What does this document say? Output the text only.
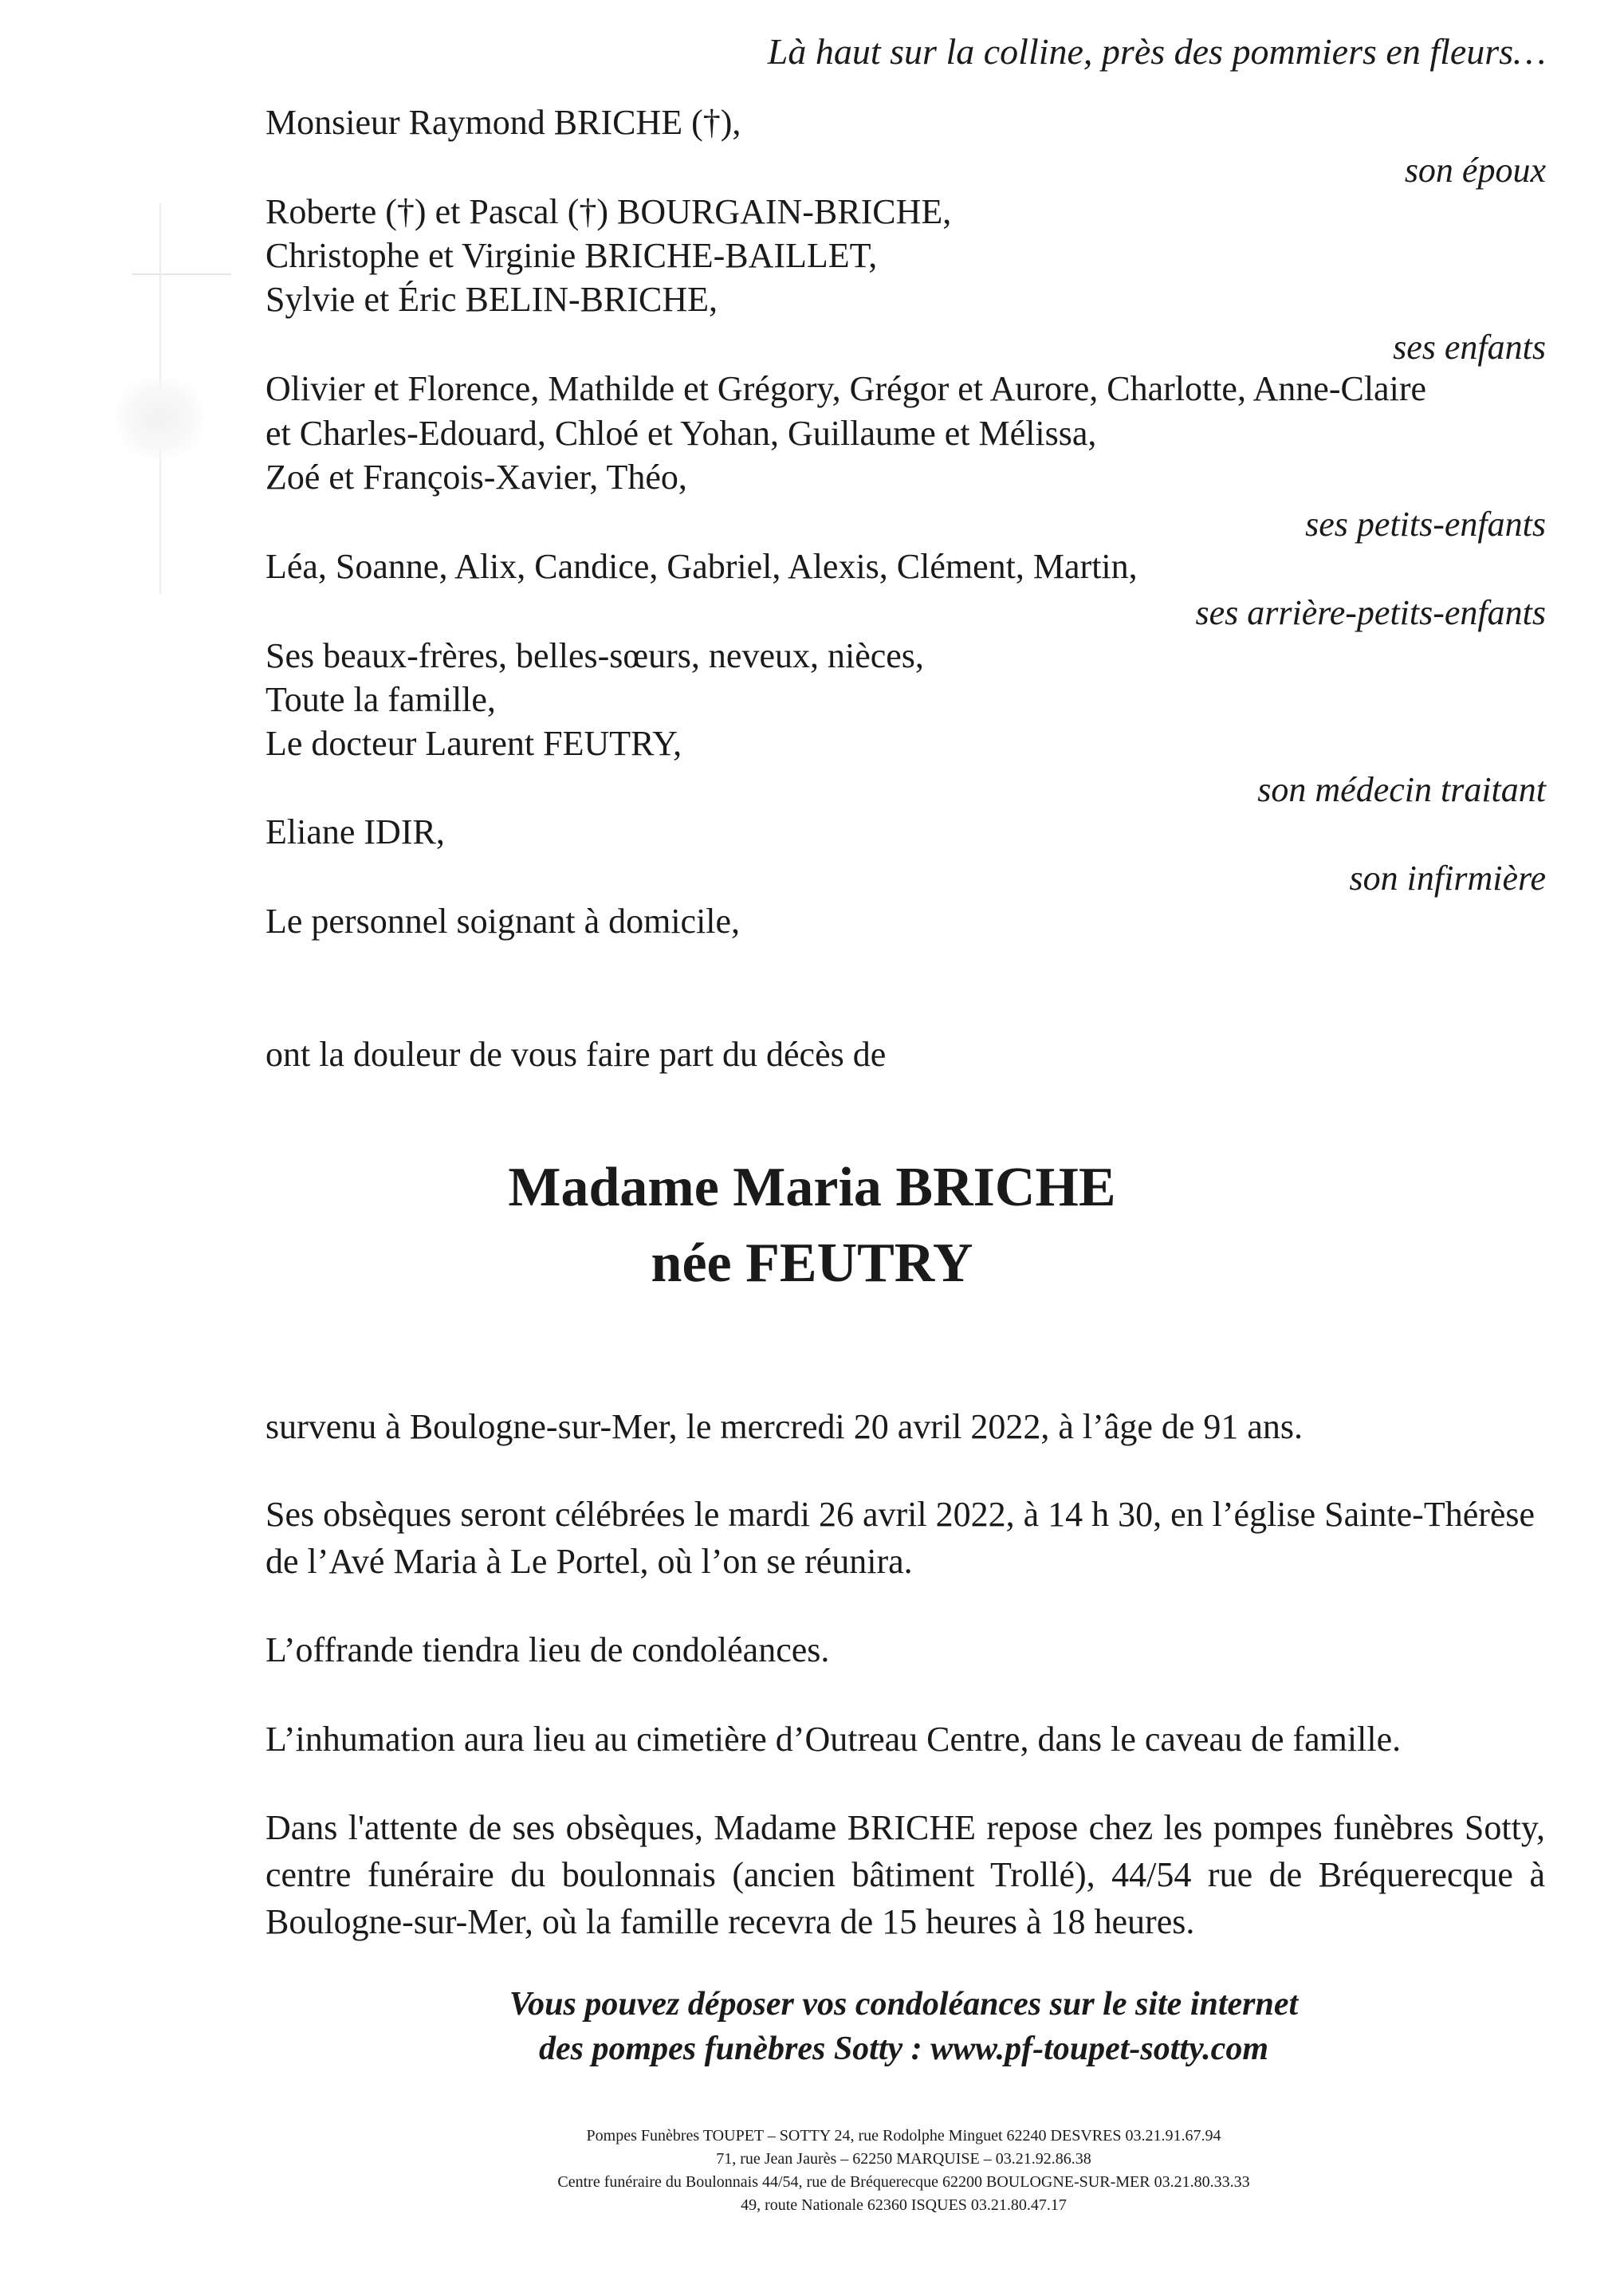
Là haut sur la colline, près des pommiers en fleurs…
Monsieur Raymond BRICHE (†),
son époux
Roberte (†) et Pascal (†) BOURGAIN-BRICHE,
Christophe et Virginie BRICHE-BAILLET,
Sylvie et Éric BELIN-BRICHE,
ses enfants
Olivier et Florence, Mathilde et Grégory, Grégor et Aurore, Charlotte, Anne-Claire
et Charles-Edouard, Chloé et Yohan, Guillaume et Mélissa,
Zoé et François-Xavier, Théo,
ses petits-enfants
Léa, Soanne, Alix, Candice, Gabriel, Alexis, Clément, Martin,
ses arrière-petits-enfants
Ses beaux-frères, belles-sœurs, neveux, nièces,
Toute la famille,
Le docteur Laurent FEUTRY,
son médecin traitant
Eliane IDIR,
son infirmière
Le personnel soignant à domicile,
ont la douleur de vous faire part du décès de
Madame Maria BRICHE
née FEUTRY
survenu à Boulogne-sur-Mer, le mercredi 20 avril 2022, à l’âge de 91 ans.
Ses obsèques seront célébrées le mardi 26 avril 2022, à 14 h 30, en l’église Sainte-Thérèse de l’Avé Maria à Le Portel, où l’on se réunira.
L’offrande tiendra lieu de condoléances.
L’inhumation aura lieu au cimetière d’Outreau Centre, dans le caveau de famille.
Dans l'attente de ses obsèques, Madame BRICHE repose chez les pompes funèbres Sotty, centre funéraire du boulonnais (ancien bâtiment Trollé), 44/54 rue de Bréquerecque à Boulogne-sur-Mer, où la famille recevra de 15 heures à 18 heures.
Vous pouvez déposer vos condoléances sur le site internet
des pompes funèbres Sotty : www.pf-toupet-sotty.com
Pompes Funèbres TOUPET – SOTTY 24, rue Rodolphe Minguet 62240 DESVRES 03.21.91.67.94
71, rue Jean Jaurès – 62250 MARQUISE – 03.21.92.86.38
Centre funéraire du Boulonnais 44/54, rue de Bréquerecque 62200 BOULOGNE-SUR-MER 03.21.80.33.33
49, route Nationale 62360 ISQUES 03.21.80.47.17
